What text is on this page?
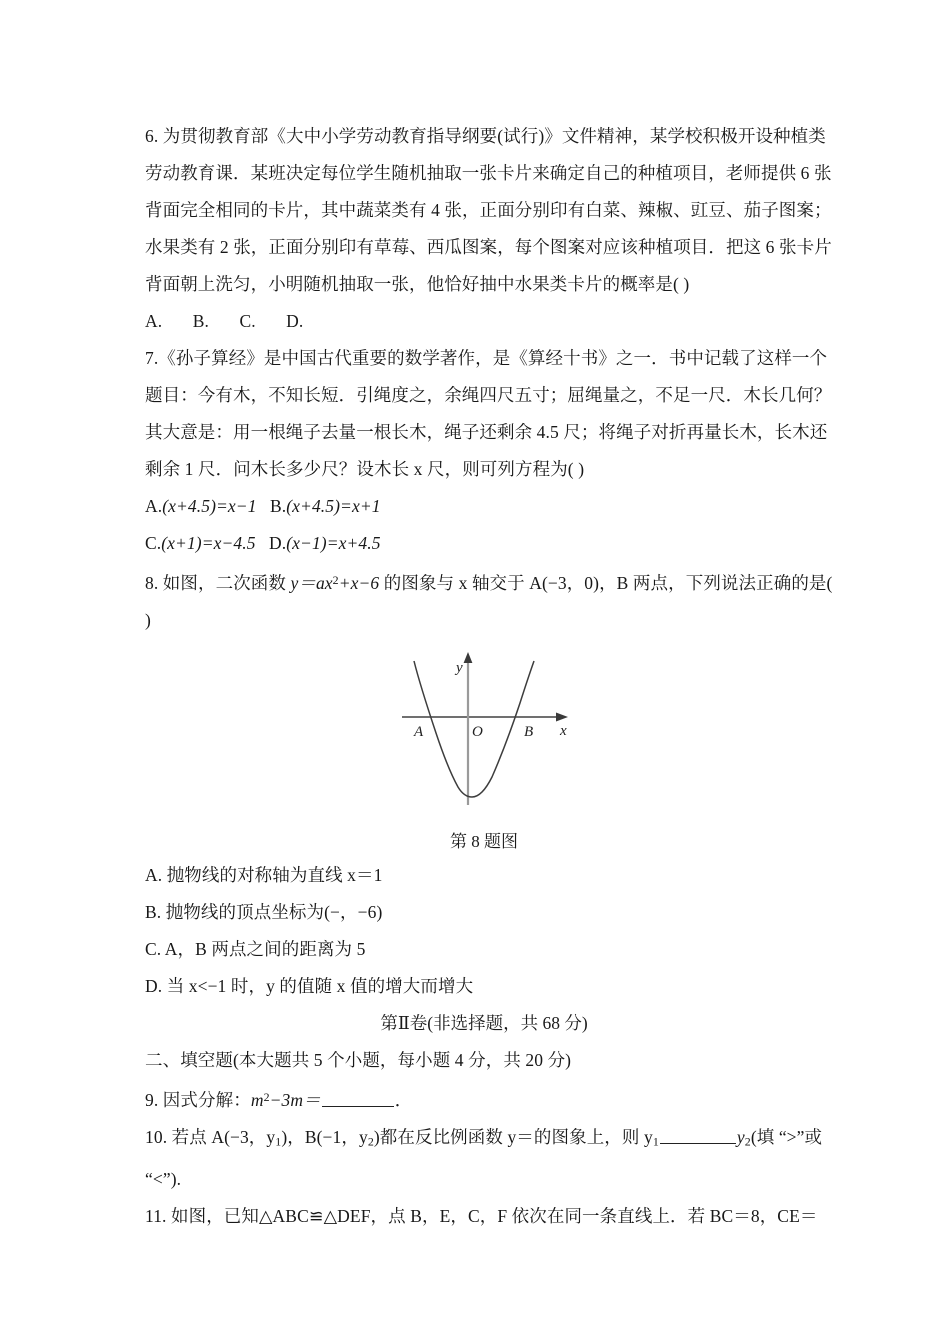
6. 为贯彻教育部《大中小学劳动教育指导纲要(试行)》文件精神，某学校积极开设种植类
劳动教育课．某班决定每位学生随机抽取一张卡片来确定自己的种植项目，老师提供 6 张
背面完全相同的卡片，其中蔬菜类有 4 张，正面分别印有白菜、辣椒、豇豆、茄子图案；
水果类有 2 张，正面分别印有草莓、西瓜图案，每个图案对应该种植项目．把这 6 张卡片
背面朝上洗匀，小明随机抽取一张，他恰好抽中水果类卡片的概率是( )
A. B. C. D.
7.《孙子算经》是中国古代重要的数学著作，是《算经十书》之一．书中记载了这样一个
题目：今有木，不知长短．引绳度之，余绳四尺五寸；屈绳量之，不足一尺．木长几何？
其大意是：用一根绳子去量一根长木，绳子还剩余 4.5 尺；将绳子对折再量长木，长木还
剩余 1 尺．问木长多少尺？设木长 x 尺，则可列方程为( )
A.(x+4.5)=x−1 B.(x+4.5)=x+1
C.(x+1)=x−4.5 D.(x−1)=x+4.5
8. 如图，二次函数 $y=ax^2+x-6$ 的图象与 x 轴交于 A(−3，0)，B 两点，下列说法正确的是(
)
y
x
A	O	B
第 8 题图
A. 抛物线的对称轴为直线 x＝1
B. 抛物线的顶点坐标为(−，−6)
C. A，B 两点之间的距离为 5
D. 当 x<−1 时，y 的值随 x 值的增大而增大
第Ⅱ卷(非选择题，共 68 分)
二、填空题(本大题共 5 个小题，每小题 4 分，共 20 分)
9. 因式分解：$m^2-3m=$	．
10. 若点 A(−3，$y_1$)，B(−1，$y_2$)都在反比例函数 y＝的图象上，则 $y_1$	$y_2$(填 “>”或
“<”).
11. 如图，已知△ABC≌△DEF，点 B，E，C，F 依次在同一条直线上．若 BC＝8，CE＝
